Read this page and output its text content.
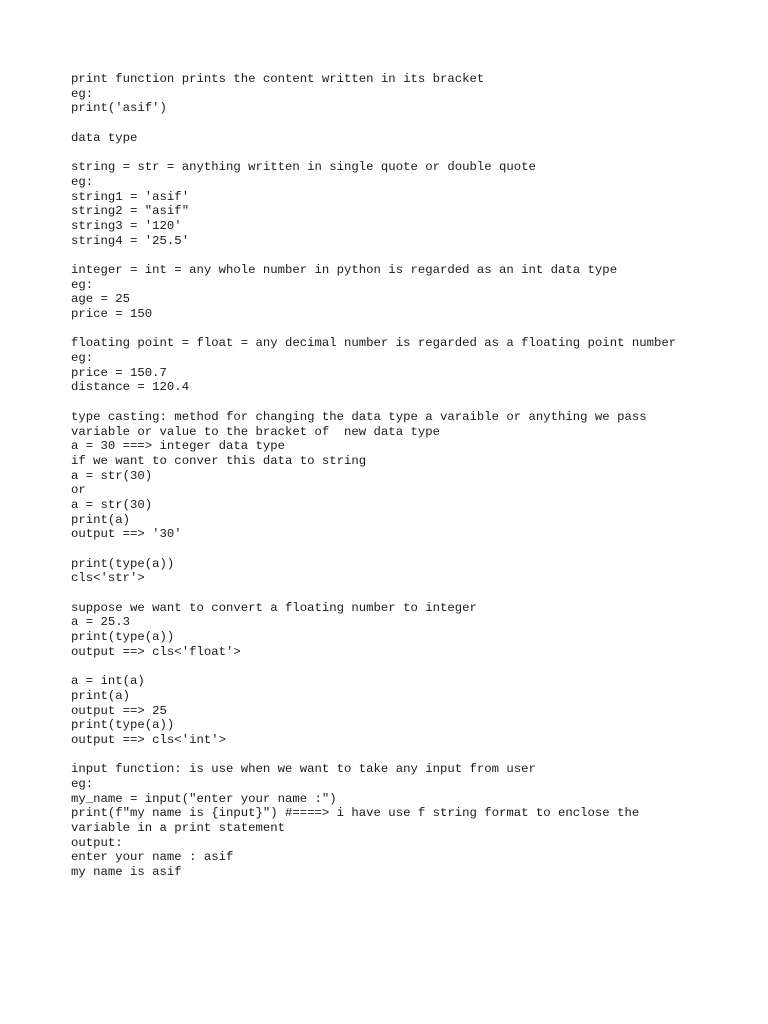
print function prints the content written in its bracket
eg:
print('asif')
data type
string = str = anything written in single quote or double quote
eg:
string1 = 'asif'
string2 = "asif"
string3 = '120'
string4 = '25.5'
integer = int = any whole number in python is regarded as an int data type
eg:
age = 25
price = 150
floating point = float = any decimal number is regarded as a floating point number
eg:
price = 150.7
distance = 120.4
type casting: method for changing the data type a varaible or anything we pass
variable or value to the bracket of  new data type
a = 30 ===> integer data type
if we want to conver this data to string
a = str(30)
or
a = str(30)
print(a)
output ==> '30'
print(type(a))
cls<'str'>
suppose we want to convert a floating number to integer
a = 25.3
print(type(a))
output ==> cls<'float'>
a = int(a)
print(a)
output ==> 25
print(type(a))
output ==> cls<'int'>
input function: is use when we want to take any input from user
eg:
my_name = input("enter your name :")
print(f"my name is {input}") #====> i have use f string format to enclose the
variable in a print statement
output:
enter your name : asif
my name is asif
